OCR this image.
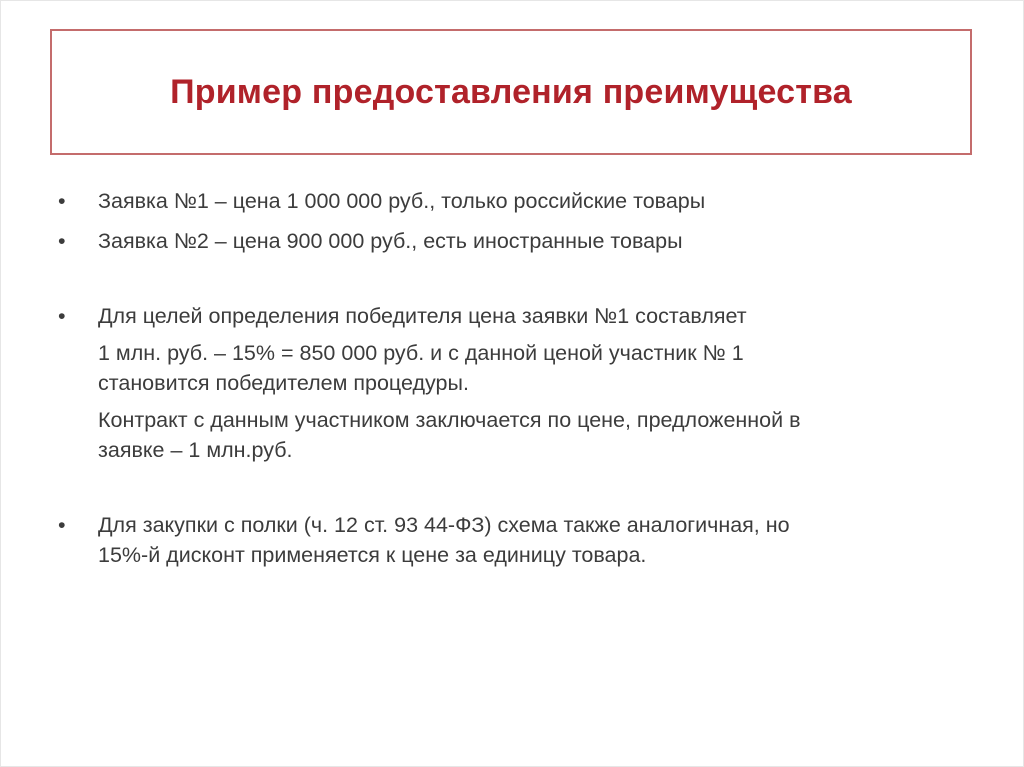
Пример предоставления преимущества
•	Заявка №1 – цена 1 000 000 руб., только российские товары

•	Заявка №2 – цена 900 000 руб., есть иностранные товары

•	Для целей определения победителя цена заявки №1 составляет

1 млн. руб. – 15% = 850 000 руб. и с данной ценой участник № 1

становится победителем процедуры.

Контракт с данным участником заключается по цене, предложенной в

заявке – 1 млн.руб.

•	Для закупки с полки (ч. 12 ст. 93 44-ФЗ) схема также аналогичная, но

15%-й дисконт применяется к цене за единицу товара.
